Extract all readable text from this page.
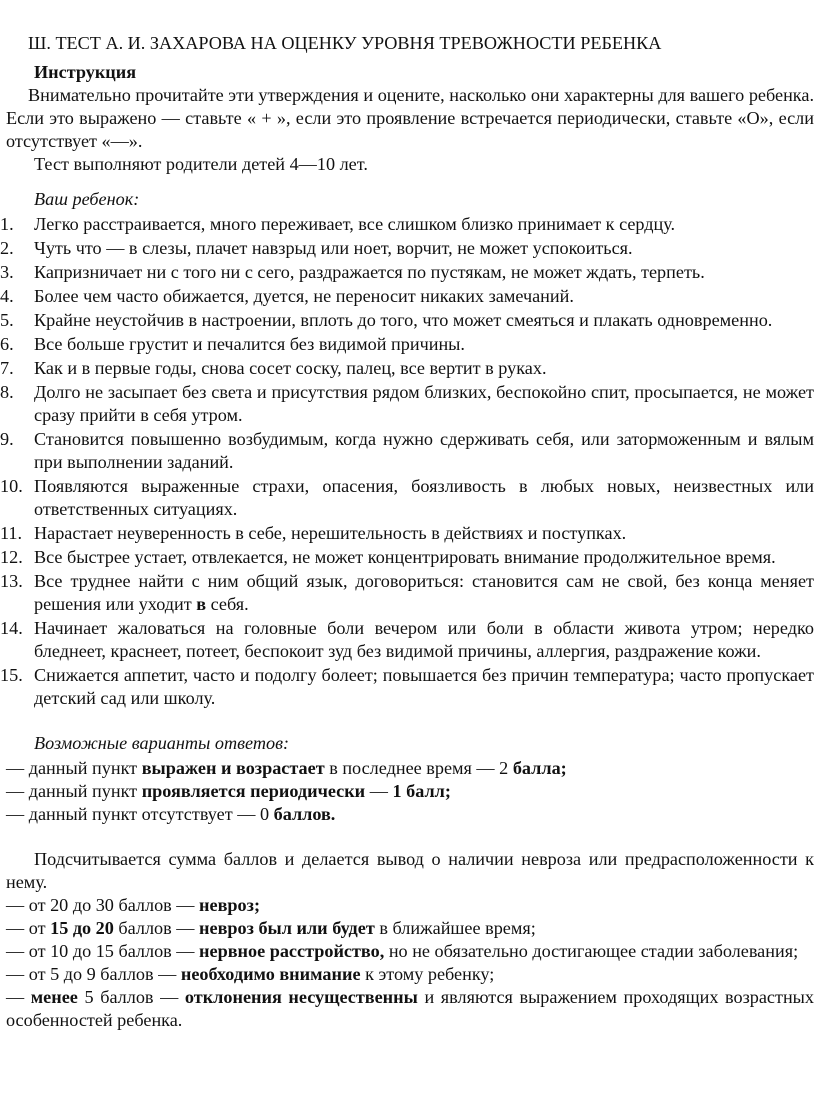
Ш. ТЕСТ А. И. ЗАХАРОВА НА ОЦЕНКУ УРОВНЯ ТРЕВОЖНОСТИ РЕБЕНКА
Инструкция

Внимательно прочитайте эти утверждения и оцените, насколько они характерны для вашего ребенка. Если это выражено — ставьте « + », если это проявление встречается периодически, ставьте «О», если отсутствует «—».

Тест выполняют родители детей 4—10 лет.

Ваш ребенок:
1.	Легко расстраивается, много переживает, все слишком близко принимает к сердцу.
2.	Чуть что — в слезы, плачет навзрыд или ноет, ворчит, не может успокоиться.
3.	Капризничает ни с того ни с сего, раздражается по пустякам, не может ждать, терпеть.
4.	Более чем часто обижается, дуется, не переносит никаких замечаний.
5.	Крайне неустойчив в настроении, вплоть до того, что может смеяться и плакать одновременно.
6.	Все больше грустит и печалится без видимой причины.
7.	Как и в первые годы, снова сосет соску, палец, все вертит в руках.
8.	Долго не засыпает без света и присутствия рядом близких, беспокойно спит, просыпается, не может сразу прийти в себя утром.
9.	Становится повышенно возбудимым, когда нужно сдерживать себя, или заторможенным и вялым при выполнении заданий.
10. Появляются выраженные страхи, опасения, боязливость в любых новых, неизвестных или ответственных ситуациях.
11. Нарастает неуверенность в себе, нерешительность в действиях и поступках.
12. Все быстрее устает, отвлекается, не может концентрировать внимание продолжительное время.
13. Все труднее найти с ним общий язык, договориться: становится сам не свой, без конца меняет решения или уходит в себя.
14. Начинает жаловаться на головные боли вечером или боли в области живота утром; нередко бледнеет, краснеет, потеет, беспокоит зуд без видимой причины, аллергия, раздражение кожи.
15. Снижается аппетит, часто и подолгу болеет; повышается без причин температура; часто пропускает детский сад или школу.
Возможные варианты ответов:

— данный пункт выражен и возрастает в последнее время — 2 балла;

— данный пункт проявляется периодически — 1 балл;

— данный пункт отсутствует — 0 баллов.

Подсчитывается сумма баллов и делается вывод о наличии невроза или предрасположенности к нему.

— от 20 до 30 баллов — невроз;

— от 15 до 20 баллов — невроз был или будет в ближайшее время;

— от 10 до 15 баллов — нервное расстройство, но не обязательно достигающее стадии заболевания;

— от 5 до 9 баллов — необходимо внимание к этому ребенку;

— менее 5 баллов — отклонения несущественны и являются выражением проходящих возрастных особенностей ребенка.
